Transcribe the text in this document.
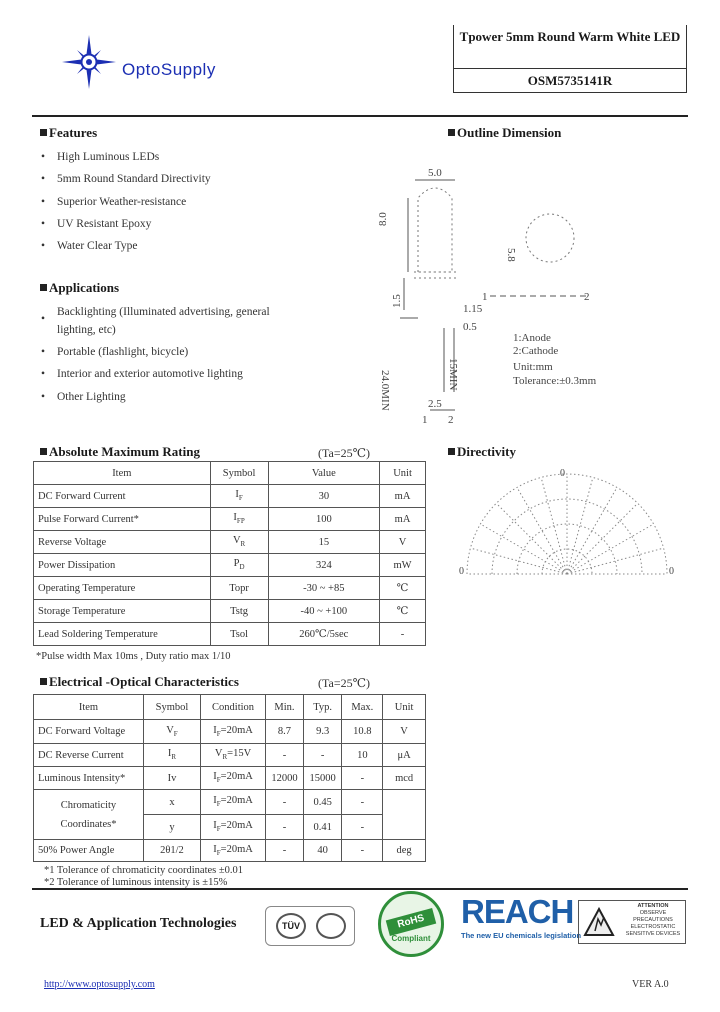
OptoSupply
Tpower 5mm Round Warm White LED
OSM5735141R
Features
• High Luminous LEDs
• 5mm Round Standard Directivity
• Superior Weather-resistance
• UV Resistant Epoxy
• Water Clear Type
Applications
• Backlighting (Illuminated advertising, general lighting, etc)
• Portable (flashlight, bicycle)
• Interior and exterior automotive lighting
• Other Lighting
Outline Dimension
5.0
8.0
5.8
1.5
1.15
0.5
24.0MIN	15MIN
2.5
1 2
1	2
1:Anode
2:Cathode
Unit:mm
Tolerance:±0.3mm
Absolute Maximum Rating	(Ta=25℃)
Item	Symbol	Value	Unit
DC Forward Current	$I_F$	30	mA
Pulse Forward Current*	$I_{FP}$	100	mA
Reverse Voltage	$V_R$	15	V
Power Dissipation	$P_D$	324	mW
Operating Temperature	Topr	-30 ~ +85	℃
Storage Temperature	Tstg	-40 ~ +100	℃
Lead Soldering Temperature	Tsol	260℃/5sec	-
*Pulse width Max 10ms , Duty ratio max 1/10
Directivity
0
0	0
Electrical -Optical Characteristics	(Ta=25℃)
Item	Symbol	Condition	Min.	Typ.	Max.	Unit
DC Forward Voltage	$V_F$	$I_F=20mA$	8.7	9.3	10.8	V
DC Reverse Current	$I_R$	$V_R=15V$	-	-	10	μA
Luminous Intensity*	Iv	$I_F=20mA$	12000	15000	-	mcd
Chromaticity
Coordinates*	x	$I_F=20mA$	-	0.45	-	
	y	$I_F=20mA$	-	0.41	-	
50% Power Angle	2θ1/2	$I_F=20mA$	-	40	-	deg
*1 Tolerance of chromaticity coordinates ±0.01
*2 Tolerance of luminous intensity is ±15%
LED & Application Technologies	TÜV	RoHS
Compliant
REACH
The new EU chemicals legislation
ATTENTION
OBSERVE PRECAUTIONS
ELECTROSTATIC
SENSITIVE DEVICES
http://www.optosupply.com	VER A.0
